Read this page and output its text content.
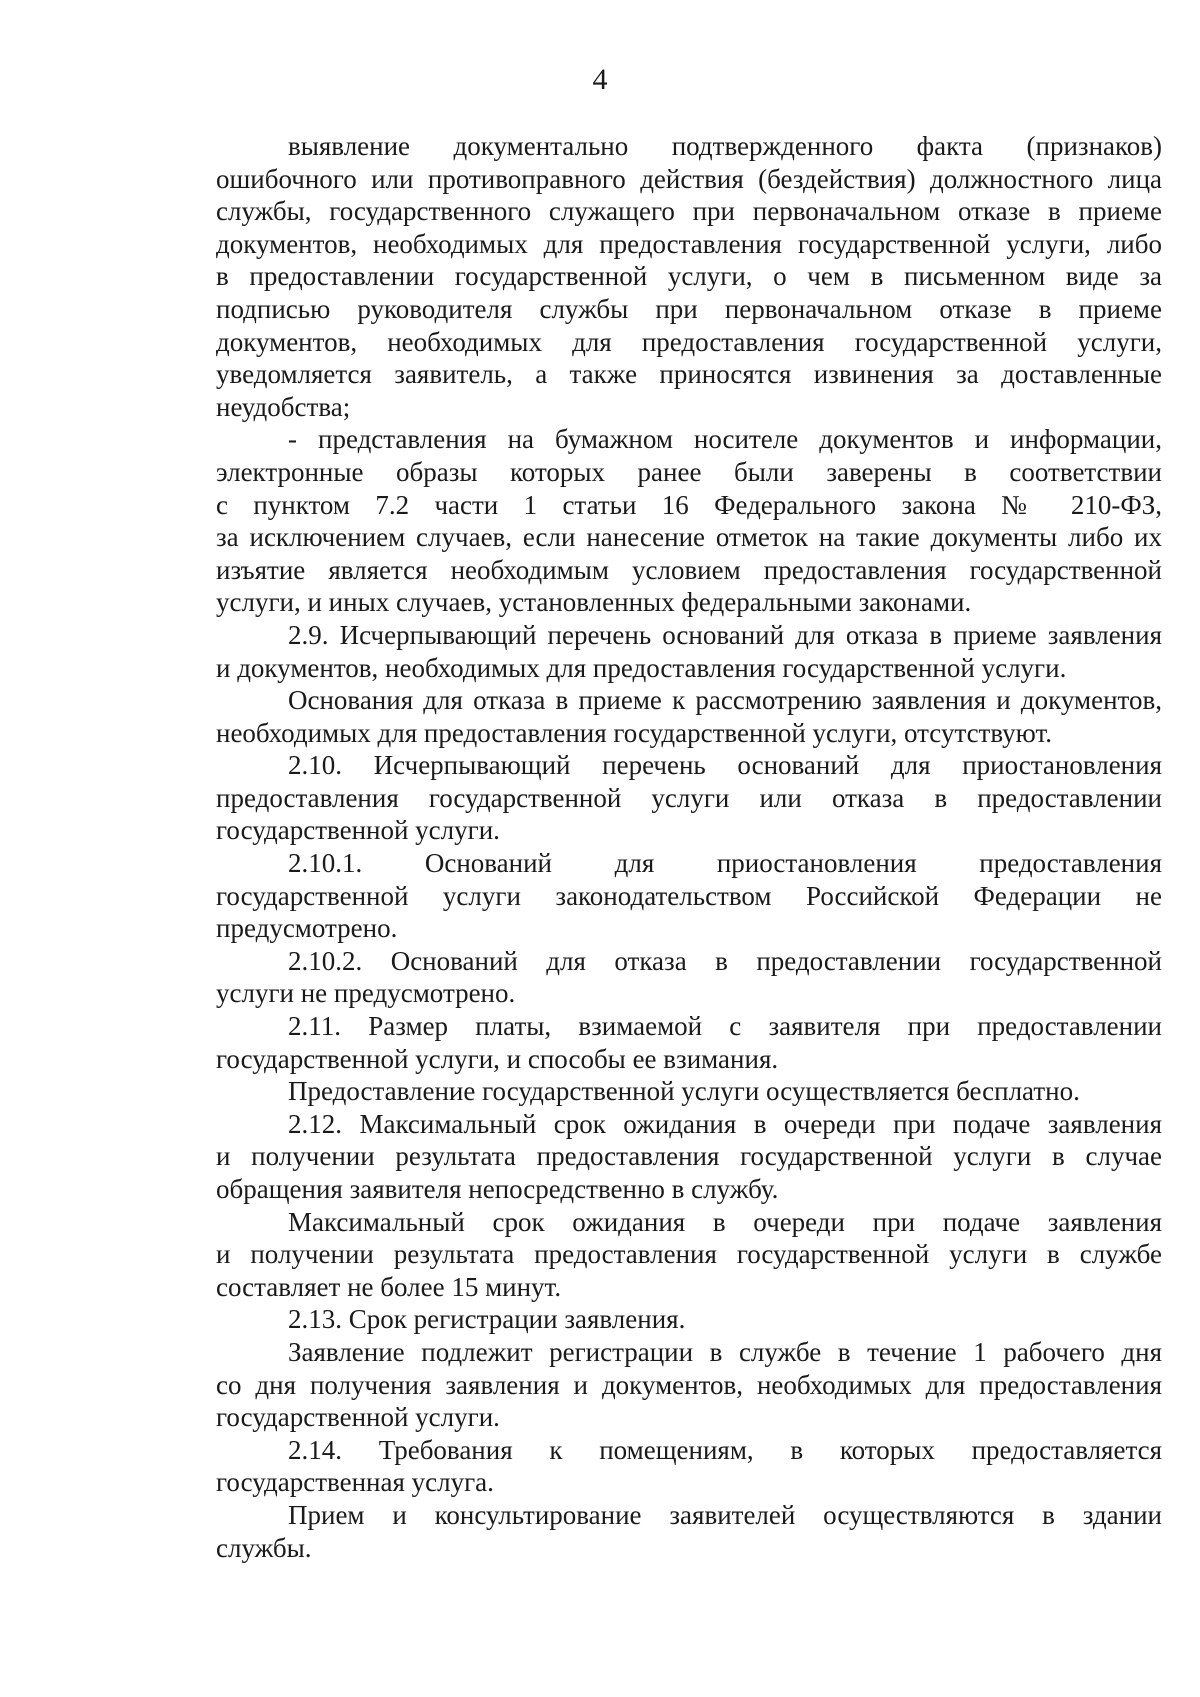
4
выявление документально подтвержденного факта (признаков)
ошибочного или противоправного действия (бездействия) должностного лица
службы, государственного служащего при первоначальном отказе в приеме
документов, необходимых для предоставления государственной услуги, либо
в предоставлении государственной услуги, о чем в письменном виде за
подписью руководителя службы при первоначальном отказе в приеме
документов, необходимых для предоставления государственной услуги,
уведомляется заявитель, а также приносятся извинения за доставленные
неудобства;
- представления на бумажном носителе документов и информации,
электронные образы которых ранее были заверены в соответствии
с пунктом 7.2 части 1 статьи 16 Федерального закона № 210-ФЗ,
за исключением случаев, если нанесение отметок на такие документы либо их
изъятие является необходимым условием предоставления государственной
услуги, и иных случаев, установленных федеральными законами.
2.9. Исчерпывающий перечень оснований для отказа в приеме заявления
и документов, необходимых для предоставления государственной услуги.
Основания для отказа в приеме к рассмотрению заявления и документов,
необходимых для предоставления государственной услуги, отсутствуют.
2.10. Исчерпывающий перечень оснований для приостановления
предоставления государственной услуги или отказа в предоставлении
государственной услуги.
2.10.1. Оснований для приостановления предоставления
государственной услуги законодательством Российской Федерации не
предусмотрено.
2.10.2. Оснований для отказа в предоставлении государственной
услуги не предусмотрено.
2.11. Размер платы, взимаемой с заявителя при предоставлении
государственной услуги, и способы ее взимания.
Предоставление государственной услуги осуществляется бесплатно.
2.12. Максимальный срок ожидания в очереди при подаче заявления
и получении результата предоставления государственной услуги в случае
обращения заявителя непосредственно в службу.
Максимальный срок ожидания в очереди при подаче заявления
и получении результата предоставления государственной услуги в службе
составляет не более 15 минут.
2.13. Срок регистрации заявления.
Заявление подлежит регистрации в службе в течение 1 рабочего дня
со дня получения заявления и документов, необходимых для предоставления
государственной услуги.
2.14. Требования к помещениям, в которых предоставляется
государственная услуга.
Прием и консультирование заявителей осуществляются в здании
службы.
